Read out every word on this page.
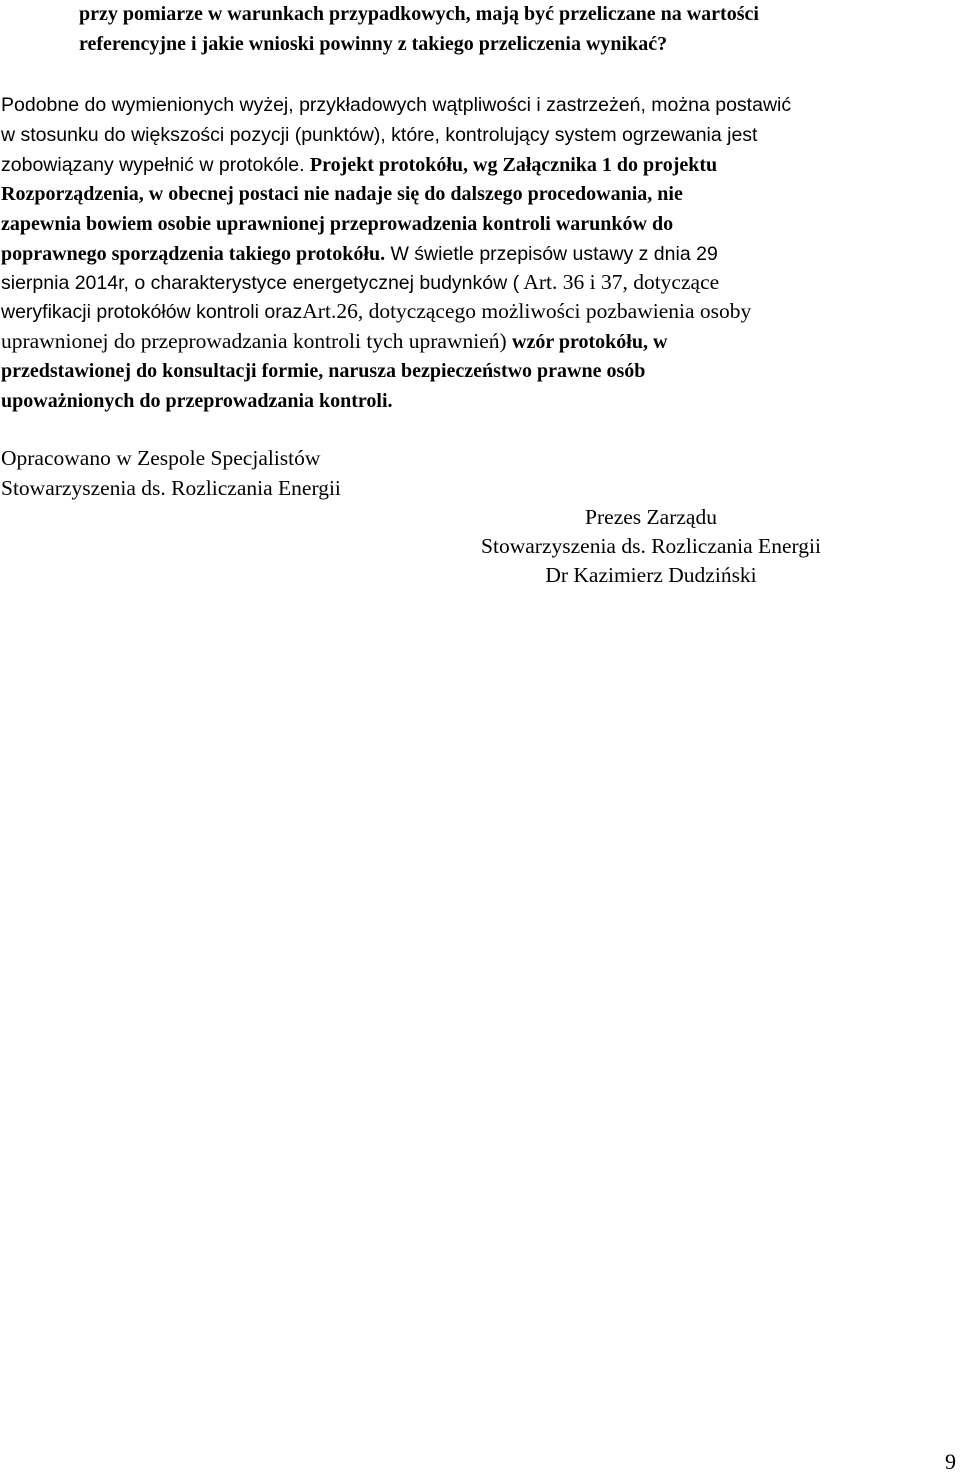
przy pomiarze w warunkach przypadkowych, mają być przeliczane na wartości
referencyjne i jakie wnioski powinny z takiego przeliczenia wynikać?
Podobne do wymienionych wyżej, przykładowych wątpliwości i zastrzeżeń, można postawić
w stosunku do większości pozycji (punktów), które, kontrolujący system ogrzewania jest
zobowiązany wypełnić w protokóle. Projekt protokółu, wg Załącznika 1 do projektu
Rozporządzenia, w obecnej postaci nie nadaje się do dalszego procedowania, nie
zapewnia bowiem osobie uprawnionej przeprowadzenia kontroli warunków do
poprawnego sporządzenia takiego protokółu. W świetle przepisów ustawy z dnia 29
sierpnia 2014r, o charakterystyce energetycznej budynków ( Art. 36 i 37, dotyczące
weryfikacji protokółów kontroli orazArt.26, dotyczącego możliwości pozbawienia osoby
uprawnionej do przeprowadzania kontroli tych uprawnień) wzór protokółu, w
przedstawionej do konsultacji formie, narusza bezpieczeństwo prawne osób
upoważnionych do przeprowadzania kontroli.
Opracowano w Zespole Specjalistów
Stowarzyszenia ds. Rozliczania Energii
Prezes Zarządu
Stowarzyszenia ds. Rozliczania Energii
Dr Kazimierz Dudziński
9
